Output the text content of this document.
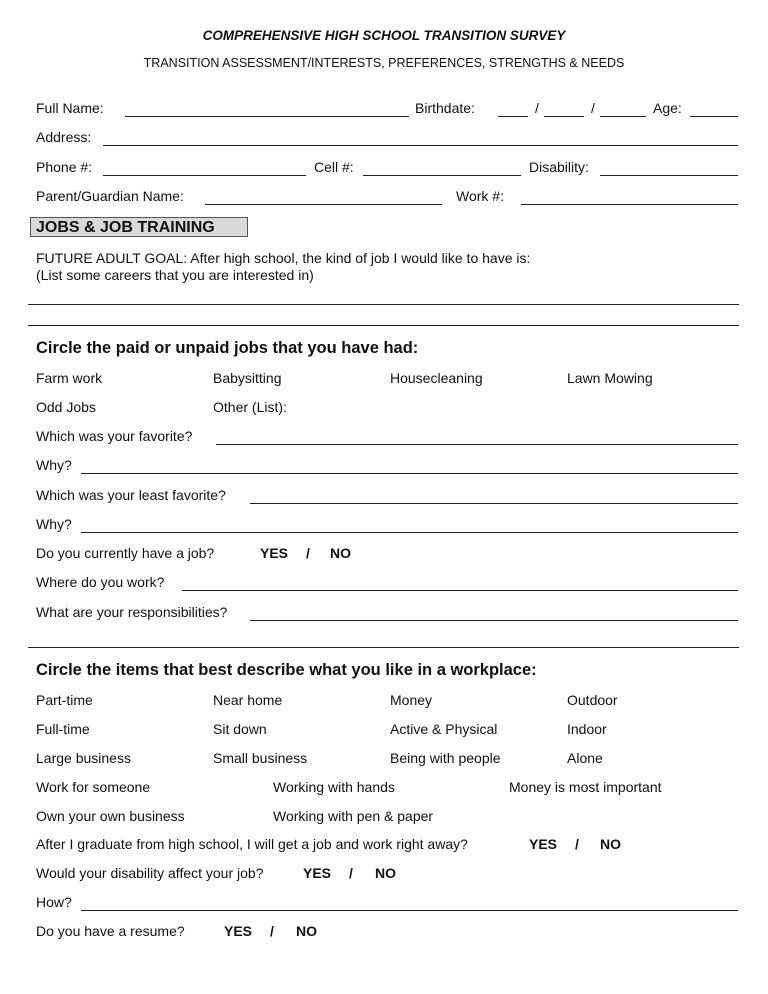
COMPREHENSIVE HIGH SCHOOL TRANSITION SURVEY
TRANSITION ASSESSMENT/INTERESTS, PREFERENCES, STRENGTHS & NEEDS
Full Name:	Birthdate:	/	/	Age:
Address:
Phone #:	Cell #:	Disability:
Parent/Guardian Name:	Work #:
JOBS & JOB TRAINING
FUTURE ADULT GOAL: After high school, the kind of job I would like to have is:
(List some careers that you are interested in)
Circle the paid or unpaid jobs that you have had:
Farm work	Babysitting	Housecleaning	Lawn Mowing
Odd Jobs	Other (List):
Which was your favorite?
Why?
Which was your least favorite?
Why?
Do you currently have a job?	YES / NO
Where do you work?
What are your responsibilities?
Circle the items that best describe what you like in a workplace:
Part-time	Near home	Money	Outdoor
Full-time	Sit down	Active & Physical	Indoor
Large business	Small business	Being with people	Alone
Work for someone	Working with hands	Money is most important
Own your own business	Working with pen & paper
After I graduate from high school, I will get a job and work right away?	YES / NO
Would your disability affect your job?	YES / NO
How?
Do you have a resume?	YES / NO
